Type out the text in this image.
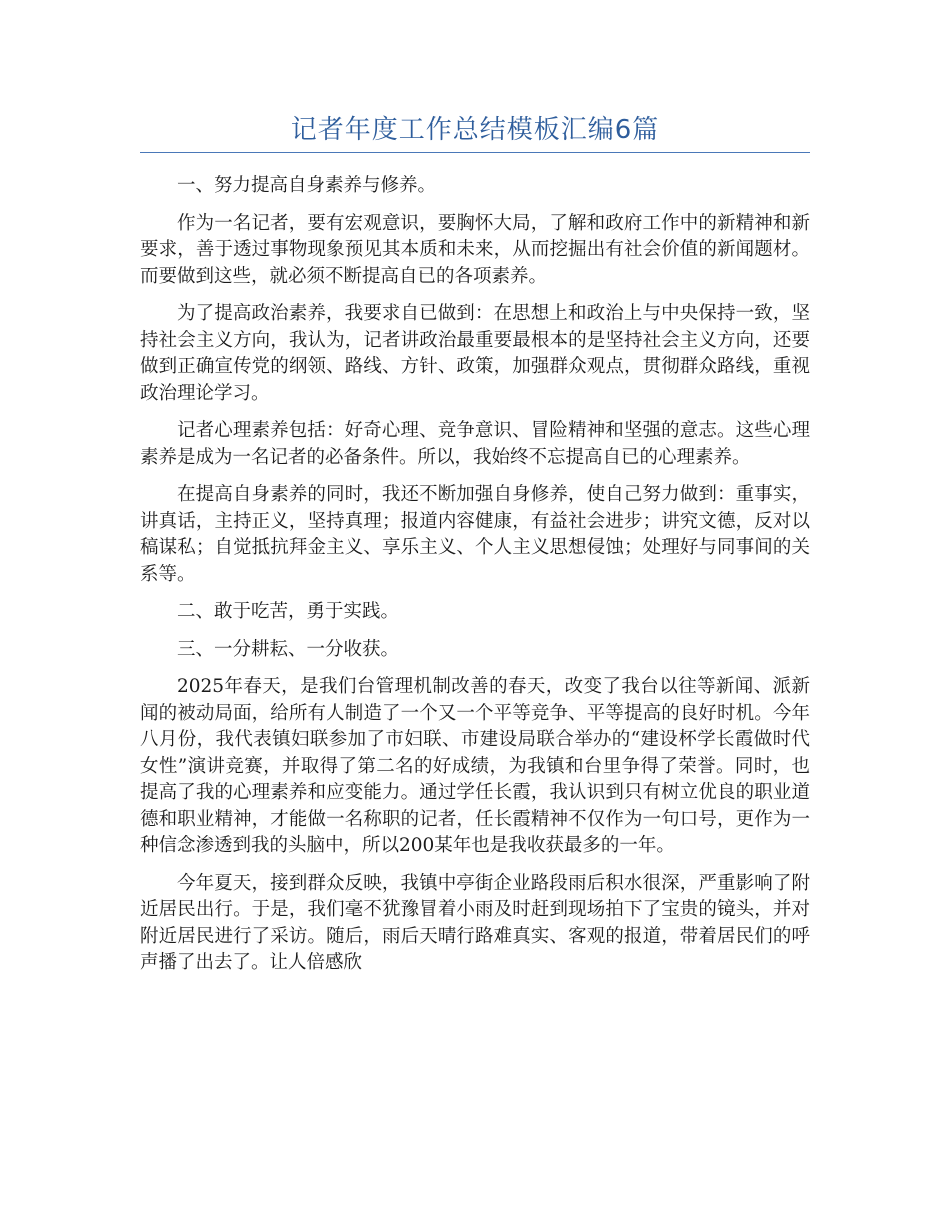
记者年度工作总结模板汇编6篇

一、努力提高自身素养与修养。

作为一名记者，要有宏观意识，要胸怀大局，了解和政府工作中的新精神和新要求，善于透过事物现象预见其本质和未来，从而挖掘出有社会价值的新闻题材。而要做到这些，就必须不断提高自已的各项素养。

为了提高政治素养，我要求自已做到：在思想上和政治上与中央保持一致，坚持社会主义方向，我认为，记者讲政治最重要最根本的是坚持社会主义方向，还要做到正确宣传党的纲领、路线、方针、政策，加强群众观点，贯彻群众路线，重视政治理论学习。

记者心理素养包括：好奇心理、竞争意识、冒险精神和坚强的意志。这些心理素养是成为一名记者的必备条件。所以，我始终不忘提高自已的心理素养。

在提高自身素养的同时，我还不断加强自身修养，使自己努力做到：重事实，讲真话，主持正义，坚持真理；报道内容健康，有益社会进步；讲究文德，反对以稿谋私；自觉抵抗拜金主义、享乐主义、个人主义思想侵蚀；处理好与同事间的关系等。

二、敢于吃苦，勇于实践。

三、一分耕耘、一分收获。

2025年春天，是我们台管理机制改善的春天，改变了我台以往等新闻、派新闻的被动局面，给所有人制造了一个又一个平等竞争、平等提高的良好时机。今年八月份，我代表镇妇联参加了市妇联、市建设局联合举办的“建设杯学长霞做时代女性”演讲竞赛，并取得了第二名的好成绩，为我镇和台里争得了荣誉。同时，也提高了我的心理素养和应变能力。通过学任长霞，我认识到只有树立优良的职业道德和职业精神，才能做一名称职的记者，任长霞精神不仅作为一句口号，更作为一种信念渗透到我的头脑中，所以200某年也是我收获最多的一年。

今年夏天，接到群众反映，我镇中亭街企业路段雨后积水很深，严重影响了附近居民出行。于是，我们毫不犹豫冒着小雨及时赶到现场拍下了宝贵的镜头，并对附近居民进行了采访。随后，雨后天晴行路难真实、客观的报道，带着居民们的呼声播了出去了。让人倍感欣
